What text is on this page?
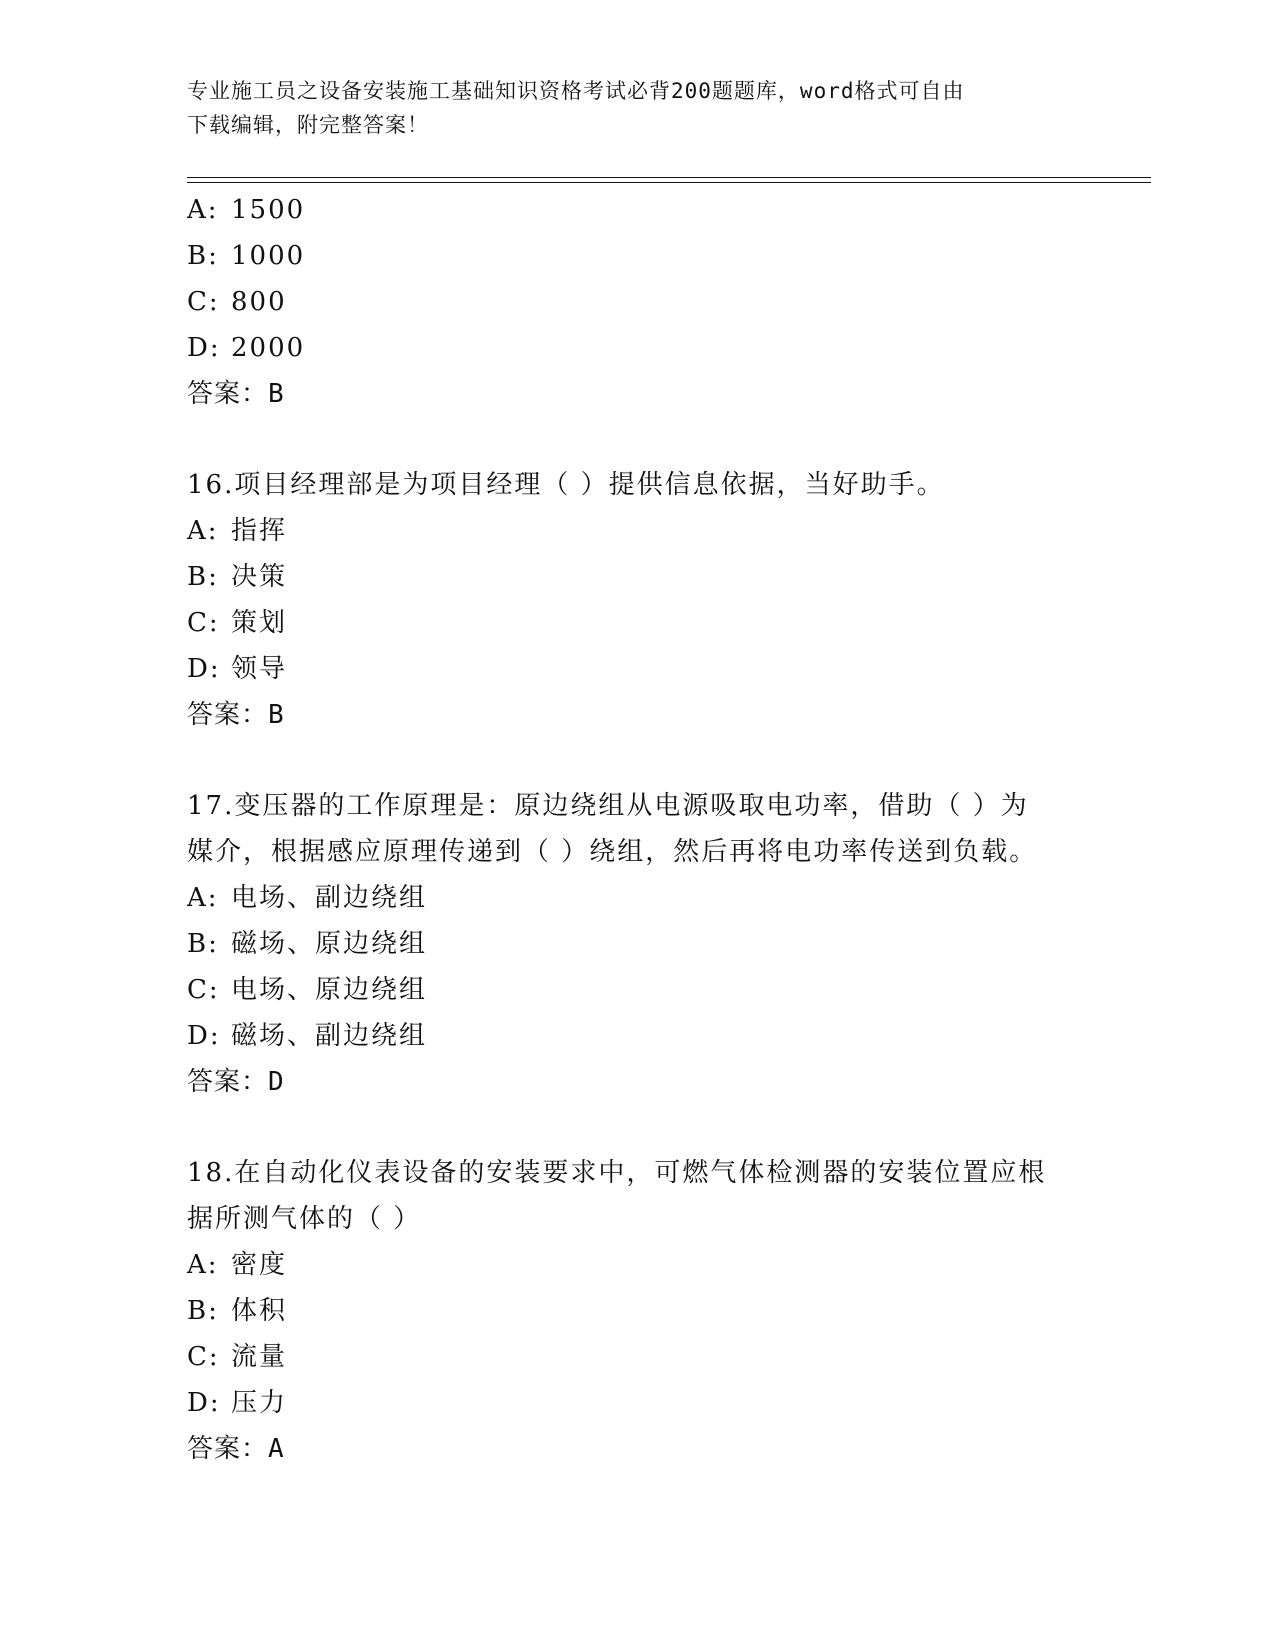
专业施工员之设备安装施工基础知识资格考试必背200题题库，word格式可自由
下载编辑，附完整答案！
A: 1500
B: 1000
C: 800
D: 2000
答案：B
16.项目经理部是为项目经理（ ）提供信息依据，当好助手。
A: 指挥
B: 决策
C: 策划
D: 领导
答案：B
17.变压器的工作原理是：原边绕组从电源吸取电功率，借助（ ）为
媒介，根据感应原理传递到（ ）绕组，然后再将电功率传送到负载。
A: 电场、副边绕组
B: 磁场、原边绕组
C: 电场、原边绕组
D: 磁场、副边绕组
答案：D
18.在自动化仪表设备的安装要求中，可燃气体检测器的安装位置应根
据所测气体的（ ）
A: 密度
B: 体积
C: 流量
D: 压力
答案：A
